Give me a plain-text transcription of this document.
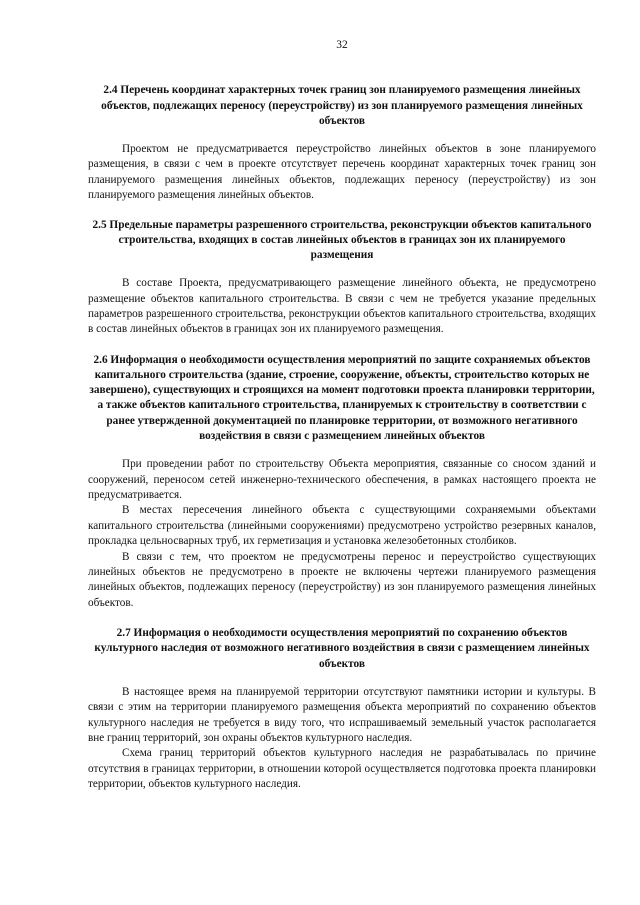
32
2.4 Перечень координат характерных точек границ зон планируемого размещения линейных объектов, подлежащих переносу (переустройству) из зон планируемого размещения линейных объектов

Проектом не предусматривается переустройство линейных объектов в зоне планируемого размещения, в связи с чем в проекте отсутствует перечень координат характерных точек границ зон планируемого размещения линейных объектов, подлежащих переносу (переустройству) из зон планируемого размещения линейных объектов.

2.5 Предельные параметры разрешенного строительства, реконструкции объектов капитального строительства, входящих в состав линейных объектов в границах зон их планируемого размещения

В составе Проекта, предусматривающего размещение линейного объекта, не предусмотрено размещение объектов капитального строительства. В связи с чем не требуется указание предельных параметров разрешенного строительства, реконструкции объектов капитального строительства, входящих в состав линейных объектов в границах зон их планируемого размещения.

2.6 Информация о необходимости осуществления мероприятий по защите сохраняемых объектов капитального строительства (здание, строение, сооружение, объекты, строительство которых не завершено), существующих и строящихся на момент подготовки проекта планировки территории, а также объектов капитального строительства, планируемых к строительству в соответствии с ранее утвержденной документацией по планировке территории, от возможного негативного воздействия в связи с размещением линейных объектов

При проведении работ по строительству Объекта мероприятия, связанные со сносом зданий и сооружений, переносом сетей инженерно-технического обеспечения, в рамках настоящего проекта не предусматривается.

В местах пересечения линейного объекта с существующими сохраняемыми объектами капитального строительства (линейными сооружениями) предусмотрено устройство резервных каналов, прокладка цельносварных труб, их герметизация и установка железобетонных столбиков.

В связи с тем, что проектом не предусмотрены перенос и переустройство существующих линейных объектов не предусмотрено в проекте не включены чертежи планируемого размещения линейных объектов, подлежащих переносу (переустройству) из зон планируемого размещения линейных объектов.

2.7 Информация о необходимости осуществления мероприятий по сохранению объектов культурного наследия от возможного негативного воздействия в связи с размещением линейных объектов

В настоящее время на планируемой территории отсутствуют памятники истории и культуры. В связи с этим на территории планируемого размещения объекта мероприятий по сохранению объектов культурного наследия не требуется в виду того, что испрашиваемый земельный участок располагается вне границ территорий, зон охраны объектов культурного наследия.

Схема границ территорий объектов культурного наследия не разрабатывалась по причине отсутствия в границах территории, в отношении которой осуществляется подготовка проекта планировки территории, объектов культурного наследия.
